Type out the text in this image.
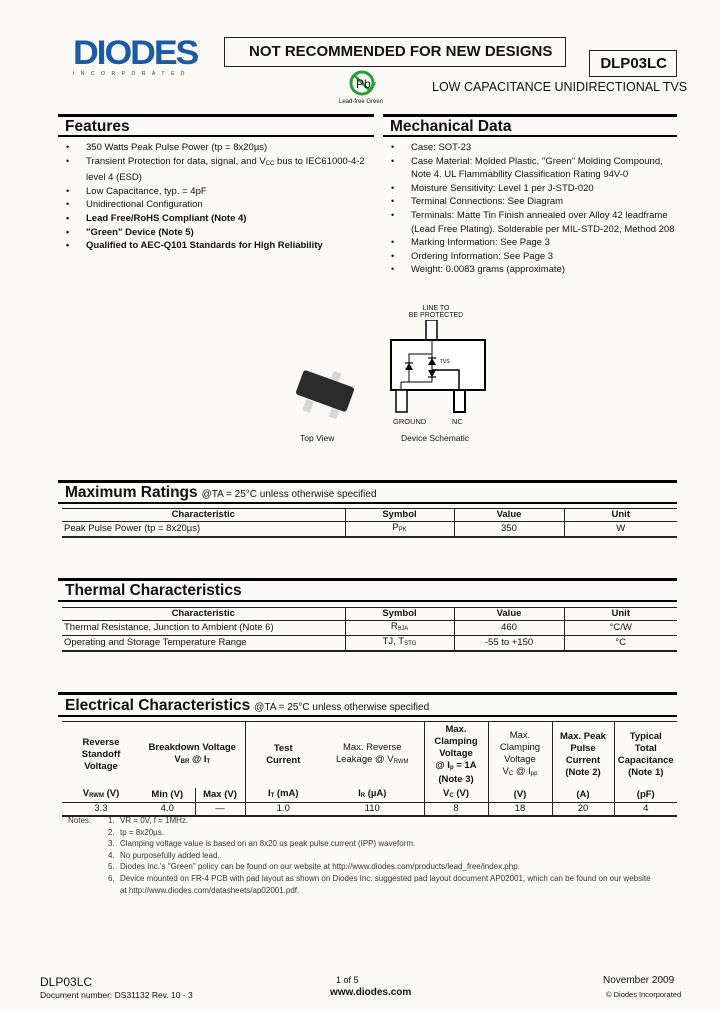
DIODES
INCORPORATED
NOT RECOMMENDED FOR NEW DESIGNS
DLP03LC
Pb
Lead-free Green
LOW CAPACITANCE UNIDIRECTIONAL TVS
Features
• 350 Watts Peak Pulse Power (tp = 8x20µs)
• Transient Protection for data, signal, and $V_{CC}$ bus to IEC61000-4-2 level 4 (ESD)
• Low Capacitance, typ. = 4pF
• Unidirectional Configuration
• Lead Free/RoHS Compliant (Note 4)
• "Green" Device (Note 5)
• Qualified to AEC-Q101 Standards for High Reliability
Mechanical Data
• Case: SOT-23
• Case Material: Molded Plastic, "Green" Molding Compound, Note 4. UL Flammability Classification Rating 94V-0
• Moisture Sensitivity: Level 1 per J-STD-020
• Terminal Connections: See Diagram
• Terminals: Matte Tin Finish annealed over Alloy 42 leadframe (Lead Free Plating). Solderable per MIL-STD-202, Method 208
• Marking Information: See Page 3
• Ordering Information: See Page 3
• Weight: 0.0083 grams (approximate)
Top View
LINE TO
BE PROTECTED
TVS
GROUND	NC
Device Schematic
Maximum Ratings @TA = 25°C unless otherwise specified
Characteristic	Symbol	Value	Unit
Peak Pulse Power (tp = 8x20µs)	$P_{PK}$	350	W
Thermal Characteristics
Characteristic	Symbol	Value	Unit
Thermal Resistance, Junction to Ambient (Note 6)	$R_{\theta JA}$	460	°C/W
Operating and Storage Temperature Range	TJ, $T_{STG}$	-55 to +150	°C
Electrical Characteristics @TA = 25°C unless otherwise specified
Reverse
Standoff
Voltage

Breakdown Voltage
$V_{BR}$ @ $I_T$

Test
Current

Max. Reverse
Leakage @ $V_{RWM}$

Max.
Clamping
Voltage
@ $I_p = 1A$
(Note 3)

Max.
Clamping
Voltage
$V_C$ @ $I_{pp}$

Max. Peak
Pulse
Current
(Note 2)

Typical
Total
Capacitance
(Note 1)

$V_{RWM}$ (V)	Min (V)	Max (V)	$I_T$ (mA)	$I_R$ (µA)	$V_C$ (V)	(V)	(A)	(pF)
3.3	4.0	—	1.0	110	8	18	20	4
Notes: 1. VR = 0V, f = 1MHz.
2. tp = 8x20µs.
3. Clamping voltage value is based on an 8x20 us peak pulse current (IPP) waveform.
4. No purposefully added lead.
5. Diodes Inc.'s "Green" policy can be found on our website at http://www.diodes.com/products/lead_free/index.php.
6. Device mounted on FR-4 PCB with pad layout as shown on Diodes Inc. suggested pad layout document AP02001, which can be found on our website
at http://www.diodes.com/datasheets/ap02001.pdf.
DLP03LC
Document number: DS31132 Rev. 10 - 3
1 of 5
www.diodes.com
November 2009
© Diodes Incorporated
